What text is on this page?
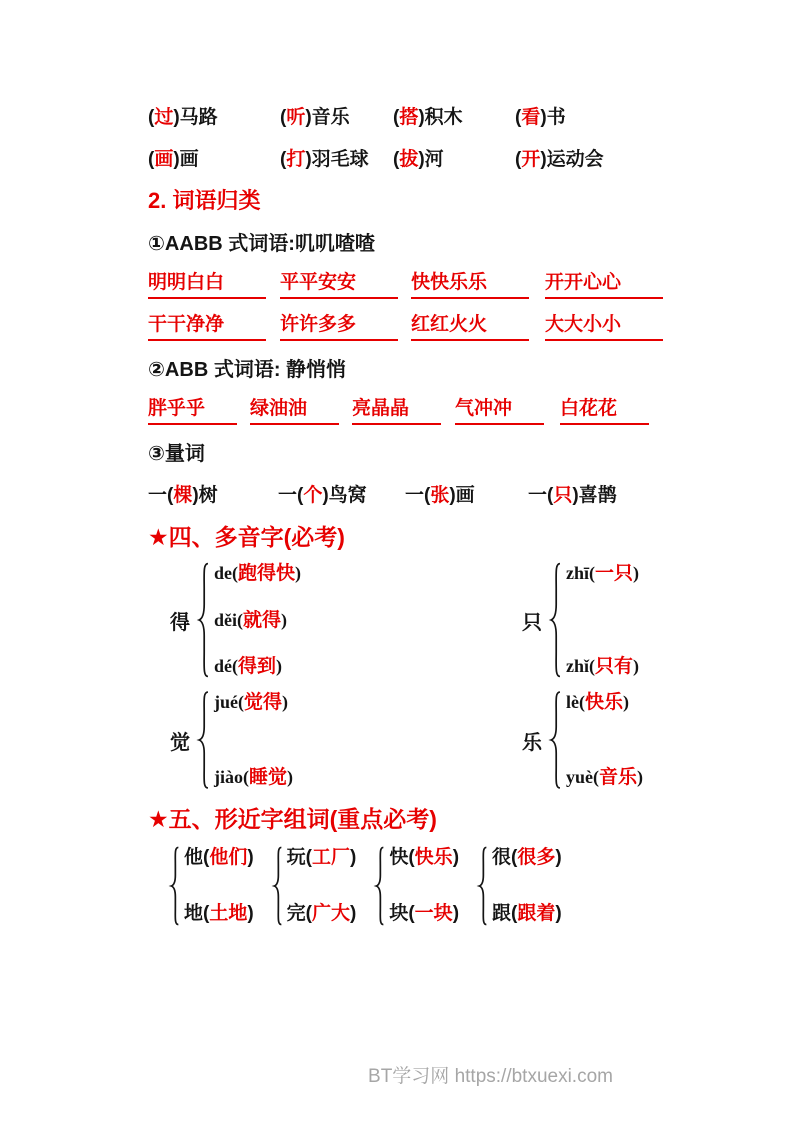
(过)马路	(听)音乐	(搭)积木	(看)书
(画)画	(打)羽毛球	(拔)河	(开)运动会
2. 词语归类
①AABB 式词语:叽叽喳喳
明明白白	平平安安	快快乐乐	开开心心
干干净净	许许多多	红红火火	大大小小
②ABB 式词语: 静悄悄
胖乎乎	绿油油	亮晶晶	气冲冲	白花花
③量词
一(棵)树	一(个)鸟窝	一(张)画	一(只)喜鹊
★四、多音字(必考)
得
de(跑得快)
děi(就得)
dé(得到)
只
zhī(一只)
zhǐ(只有)
觉
jué(觉得)
jiào(睡觉)
乐
lè(快乐)
yuè(音乐)
★五、形近字组词(重点必考)
他(他们)
地(土地)
玩(工厂)
完(广大)
快(快乐)
块(一块)
很(很多)
跟(跟着)
BT学习网 https://btxuexi.com
